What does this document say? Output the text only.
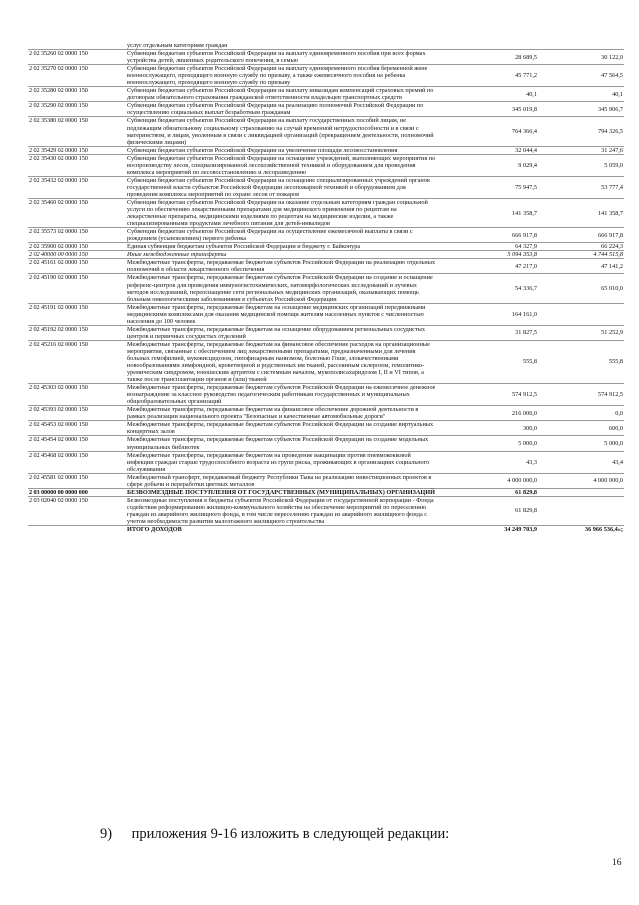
	услуг отдельным категориям граждан		
2 02 35260 02 0000 150	Субвенции бюджетам субъектов Российской Федерации на выплату единовременного пособия при всех формах устройства детей, лишенных родительского попечения, в семью	28 689,5	30 122,0
2 02 35270 02 0000 150	Субвенции бюджетам субъектов Российской Федерации на выплату единовременного пособия беременной жене военнослужащего, проходящего военную службу по призыву, а также ежемесячного пособия на ребенка военнослужащего, проходящего военную службу по призыву	45 771,2	47 564,5
2 02 35280 02 0000 150	Субвенции бюджетам субъектов Российской Федерации на выплату инвалидам компенсаций страховых премий по договорам обязательного страхования гражданской ответственности владельцев транспортных средств	40,1	40,1
2 02 35290 02 0000 150	Субвенции бюджетам субъектов Российской Федерации на реализацию полномочий Российской Федерации по осуществлению социальных выплат безработным гражданам	345 019,8	345 906,7
2 02 35380 02 0000 150	Субвенции бюджетам субъектов Российской Федерации на выплату государственных пособий лицам, не подлежащим обязательному социальному страхованию на случай временной нетрудоспособности и в связи с материнством, и лицам, уволенным в связи с ликвидацией организаций (прекращением деятельности, полномочий физическими лицами)	764 366,4	794 326,5
2 02 35429 02 0000 150	Субвенции бюджетам субъектов Российской Федерации на увеличение площади лесовосстановления	32 044,4	31 247,6
2 02 35430 02 0000 150	Субвенции бюджетам субъектов Российской Федерации на оснащение учреждений, выполняющих мероприятия по воспроизводству лесов, специализированной лесохозяйственной техникой и оборудованием для проведения комплекса мероприятий по лесовосстановлению и лесоразведению	9 029,4	5 059,0
2 02 35432 02 0000 150	Субвенции бюджетам субъектов Российской Федерации на оснащение специализированных учреждений органов государственной власти субъектов Российской Федерации лесопожарной техникой и оборудованием для проведения комплекса мероприятий по охране лесов от пожаров	75 947,5	53 777,4
2 02 35460 02 0000 150	Субвенции бюджетам субъектов Российской Федерации на оказание отдельным категориям граждан социальной услуги по обеспечению лекарственными препаратами для медицинского применения по рецептам на лекарственные препараты, медицинскими изделиями по рецептам на медицинские изделия, а также специализированными продуктами лечебного питания для детей-инвалидов	141 358,7	141 358,7
2 02 35573 02 0000 150	Субвенции бюджетам субъектов Российской Федерации на осуществление ежемесячной выплаты в связи с рождением (усыновлением) первого ребенка	666 917,8	666 917,8
2 02 35900 02 0000 150	Единая субвенция бюджетам субъектов Российской Федерации и бюджету г. Байконура	64 327,9	66 224,3
2 02 40000 00 0000 150	Иные межбюджетные трансферты	5 094 353,8	4 744 515,8
2 02 45161 02 0000 150	Межбюджетные трансферты, передаваемые бюджетам субъектов Российской Федерации на реализацию отдельных полномочий в области лекарственного обеспечения	47 217,0	47 141,2
2 02 45190 02 0000 150	Межбюджетные трансферты, передаваемые бюджетам субъектов Российской Федерации на создание и оснащение референс-центров для проведения иммуногистохимических, патоморфологических исследований и лучевых методов исследований, переоснащение сети региональных медицинских организаций, оказывающих помощь больным онкологическими заболеваниями в субъектах Российской Федерации	54 336,7	65 010,0
2 02 45191 02 0000 150	Межбюджетные трансферты, передаваемые бюджетам на оснащение медицинских организаций передвижными медицинскими комплексами для оказания медицинской помощи жителям населенных пунктов с численностью населения до 100 человек	164 161,0	
2 02 45192 02 0000 150	Межбюджетные трансферты, передаваемые бюджетам на оснащение оборудованием региональных сосудистых центров и первичных сосудистых отделений	31 827,5	51 252,9
2 02 45216 02 0000 150	Межбюджетные трансферты, передаваемые бюджетам на финансовое обеспечение расходов на организационные мероприятия, связанные с обеспечением лиц лекарственными препаратами, предназначенными для лечения больных гемофилией, муковисцидозом, гипофизарным нанизмом, болезнью Гоше, злокачественными новообразованиями лимфоидной, кроветворной и родственных им тканей, рассеянным склерозом, гемолитико-уремическим синдромом, юношеским артритом с системным началом, мукополисахаридозом I, II и VI типов, а также после трансплантации органов и (или) тканей	555,8	555,8
2 02 45303 02 0000 150	Межбюджетные трансферты, передаваемые бюджетам субъектов Российской Федерации на ежемесячное денежное вознаграждение за классное руководство педагогическим работникам государственных и муниципальных общеобразовательных организаций	574 912,5	574 912,5
2 02 45393 02 0000 150	Межбюджетные трансферты, передаваемые бюджетам на финансовое обеспечение дорожной деятельности в рамках реализации национального проекта "Безопасные и качественные автомобильные дороги"	216 000,0	0,0
2 02 45453 02 0000 150	Межбюджетные трансферты, передаваемые бюджетам субъектов Российской Федерации на создание виртуальных концертных залов	300,0	600,0
2 02 45454 02 0000 150	Межбюджетные трансферты, передаваемые бюджетам субъектов Российской Федерации на создание модельных муниципальных библиотек	5 000,0	5 000,0
2 02 45468 02 0000 150	Межбюджетные трансферты, передаваемые бюджетам на проведение вакцинации против пневмококковой инфекции граждан старше трудоспособного возраста из групп риска, проживающих в организациях социального обслуживания	43,3	43,4
2 02 45581 02 0000 150	Межбюджетный трансферт, передаваемый бюджету Республики Тыва на реализацию инвестиционных проектов в сфере добычи и переработки цветных металлов	4 000 000,0	4 000 000,0
2 03 00000 00 0000 000	БЕЗВОЗМЕЗДНЫЕ ПОСТУПЛЕНИЯ ОТ ГОСУДАРСТВЕННЫХ (МУНИЦИПАЛЬНЫХ) ОРГАНИЗАЦИЙ	61 829,8	
2 03 02040 02 0000 150	Безвозмездные поступления в бюджеты субъектов Российской Федерации от государственной корпорации - Фонда содействия реформированию жилищно-коммунального хозяйства на обеспечение мероприятий по переселению граждан из аварийного жилищного фонда, в том числе переселению граждан из аварийного жилищного фонда с учетом необходимости развития малоэтажного жилищного строительства	61 829,8	
	ИТОГО ДОХОДОВ	34 249 703,9	36 966 536,4»;
9) приложения 9-16 изложить в следующей редакции:
16
